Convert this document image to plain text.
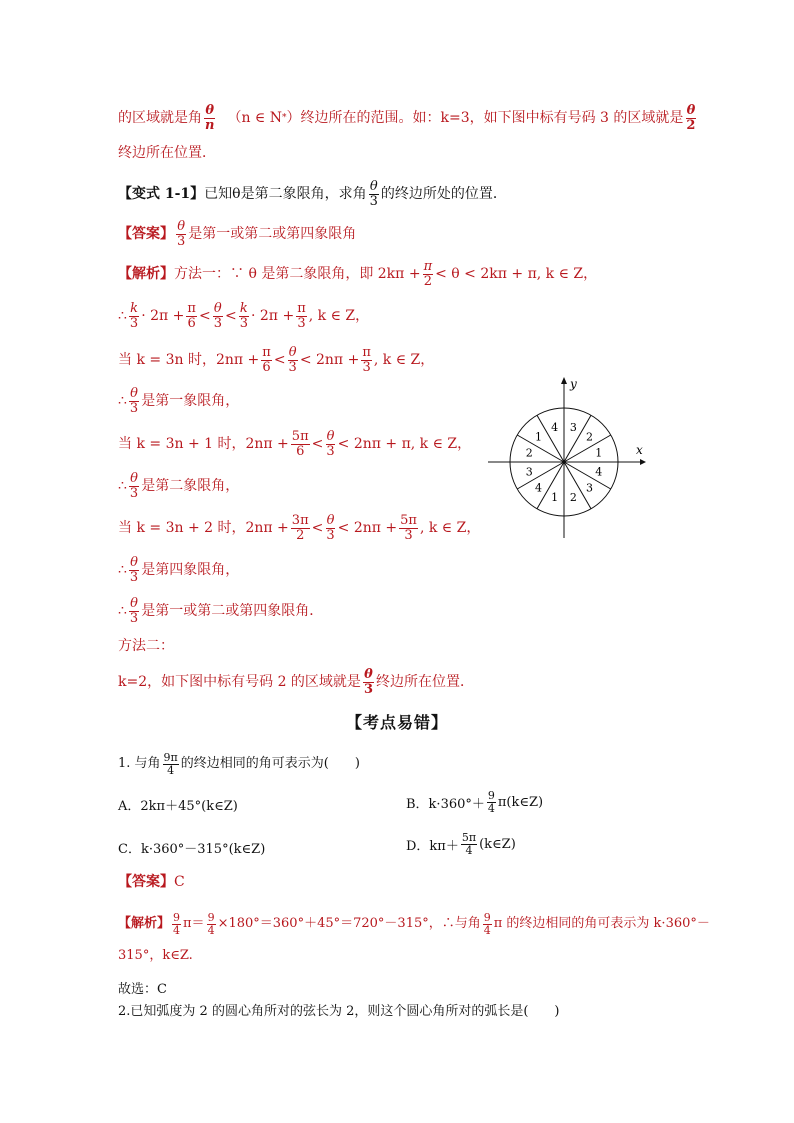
的区域就是角 $\frac{\theta}{n} (n$ ∈ N * ）终边所在的范围。如：k=3，如下图中标有号码 3 的区域就是 $\frac{\theta}{2}$
终边所在位置．
【变式 1-1】 已知θ是第二象限角，求角 $\frac{\theta}{3}$ 的终边所处的位置．
【答案】 $\frac{\theta}{3}$ 是第一或第二或第四象限角
【解析】 方法一：∵ θ 是第二象限角，即 $2k\pi + \frac{\pi}{2} < \theta < 2k\pi + \pi$, k ∈ Z，
∴ $\frac{k}{3} \cdot 2\pi + \frac{\pi}{6} < \frac{\theta}{3} < \frac{k}{3} \cdot 2\pi + \frac{\pi}{3}$ , k ∈ Z，
当 k = 3n 时， $2n\pi + \frac{\pi}{6} < \frac{\theta}{3} < 2n\pi + \frac{\pi}{3}$ , k ∈ Z，
∴ $\frac{\theta}{3}$ 是第一象限角，
当 k = 3n + 1 时， $2n\pi + \frac{5\pi}{6} < \frac{\theta}{3} < 2n\pi + \pi$, k ∈ Z，
∴ $\frac{\theta}{3}$ 是第二象限角，
当 k = 3n + 2 时， $2n\pi + \frac{3\pi}{2} < \frac{\theta}{3} < 2n\pi + \frac{5\pi}{3}$ , k ∈ Z，
∴ $\frac{\theta}{3}$ 是第四象限角，
∴ $\frac{\theta}{3}$ 是第一或第二或第四象限角．
方法二：
k=2，如下图中标有号码 2 的区域就是 $\frac{\theta}{3}$ 终边所在位置．
【考点易错】
1. 与角 $\frac{9\pi}{4}$ 的终边相同的角可表示为(　　)
A．2kπ＋45°(k∈Z)	B．$k\cdot 360^\circ+ \frac{9}{4}$ π(k∈Z)
C．k·360°－315°(k∈Z)	D．$k\pi+ \frac{5\pi}{4}$ (k∈Z)
【答案】 C
【解析】 $\frac{9}{4} \pi= \frac{9}{4} \times 180^\circ=360^\circ+45^\circ=720^\circ-315^\circ$，∴与角 $\frac{9}{4}$ π 的终边相同的角可表示为 k·360°－
315°，k∈Z.
故选：C
2.已知弧度为 2 的圆心角所对的弦长为 2，则这个圆心角所对的弧长是(　　)
x
y
4 3
2
1
4
3
2
1
4
3
2
1
